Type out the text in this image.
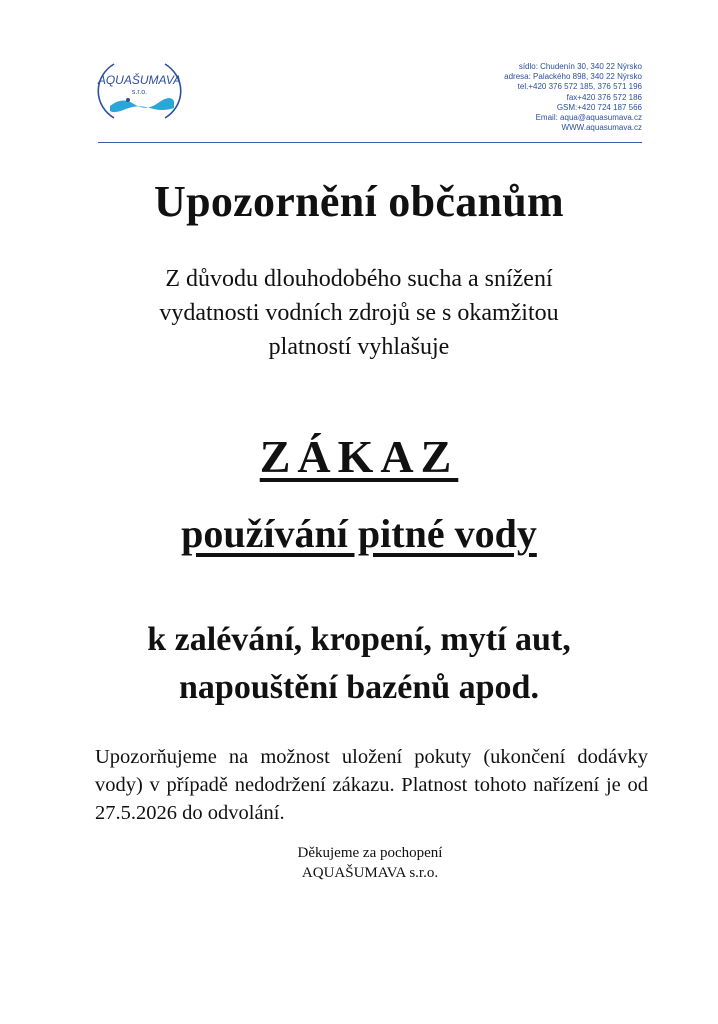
AQUAŠUMAVA
s.r.o.
sídlo: Chudenín 30, 340 22 Nýrsko
adresa: Palackého 898, 340 22 Nýrsko
tel.+420 376 572 185, 376 571 196
fax+420 376 572 186
GSM:+420 724 187 566
Email: aqua@aquasumava.cz
WWW.aquasumava.cz
Upozornění občanům

Z důvodu dlouhodobého sucha a snížení
vydatnosti vodních zdrojů se s okamžitou
platností vyhlašuje

ZÁKAZ
používání pitné vody

k zalévání, kropení, mytí aut,
napouštění bazénů apod.

Upozorňujeme na možnost uložení pokuty (ukončení dodávky vody) v případě nedodržení zákazu. Platnost tohoto nařízení je od 27.5.2026 do odvolání.

Děkujeme za pochopení
AQUAŠUMAVA s.r.o.
